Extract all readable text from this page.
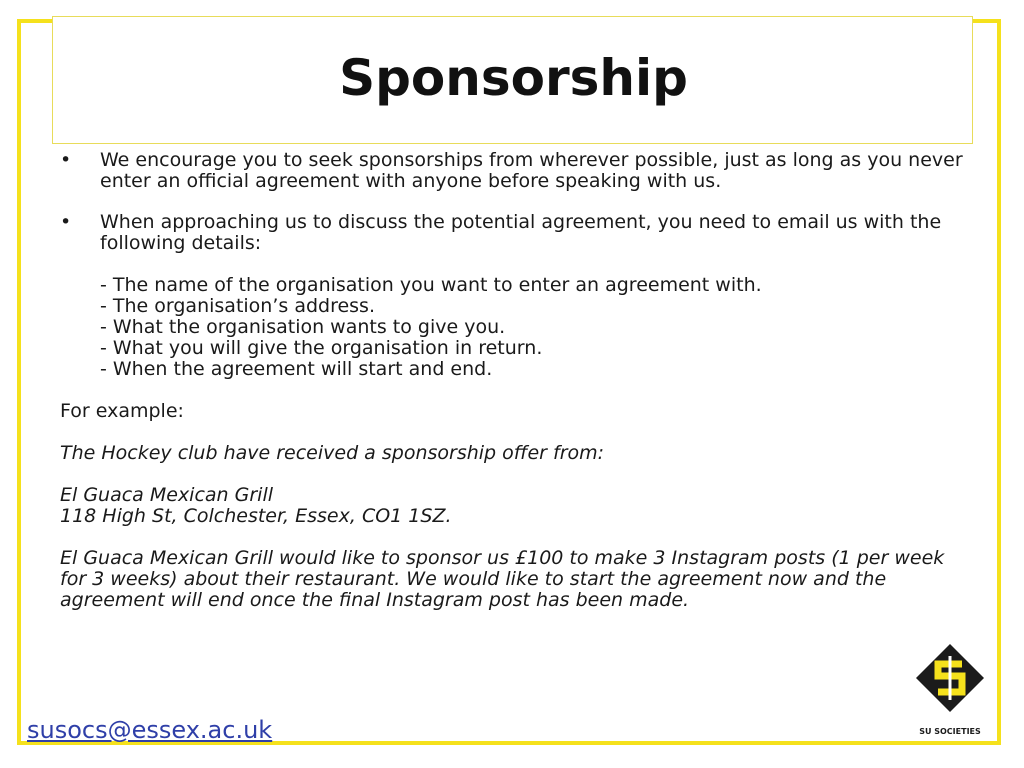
Sponsorship

• We encourage you to seek sponsorships from wherever possible, just as long as you never enter an official agreement with anyone before speaking with us.

• When approaching us to discuss the potential agreement, you need to email us with the following details:

- The name of the organisation you want to enter an agreement with.
- The organisation’s address.
- What the organisation wants to give you.
- What you will give the organisation in return.
- When the agreement will start and end.
For example:
The Hockey club have received a sponsorship offer from:
El Guaca Mexican Grill
118 High St, Colchester, Essex, CO1 1SZ.
El Guaca Mexican Grill would like to sponsor us £100 to make 3 Instagram posts (1 per week for 3 weeks) about their restaurant. We would like to start the agreement now and the agreement will end once the final Instagram post has been made.
susocs@essex.ac.uk	SU SOCIETIES
